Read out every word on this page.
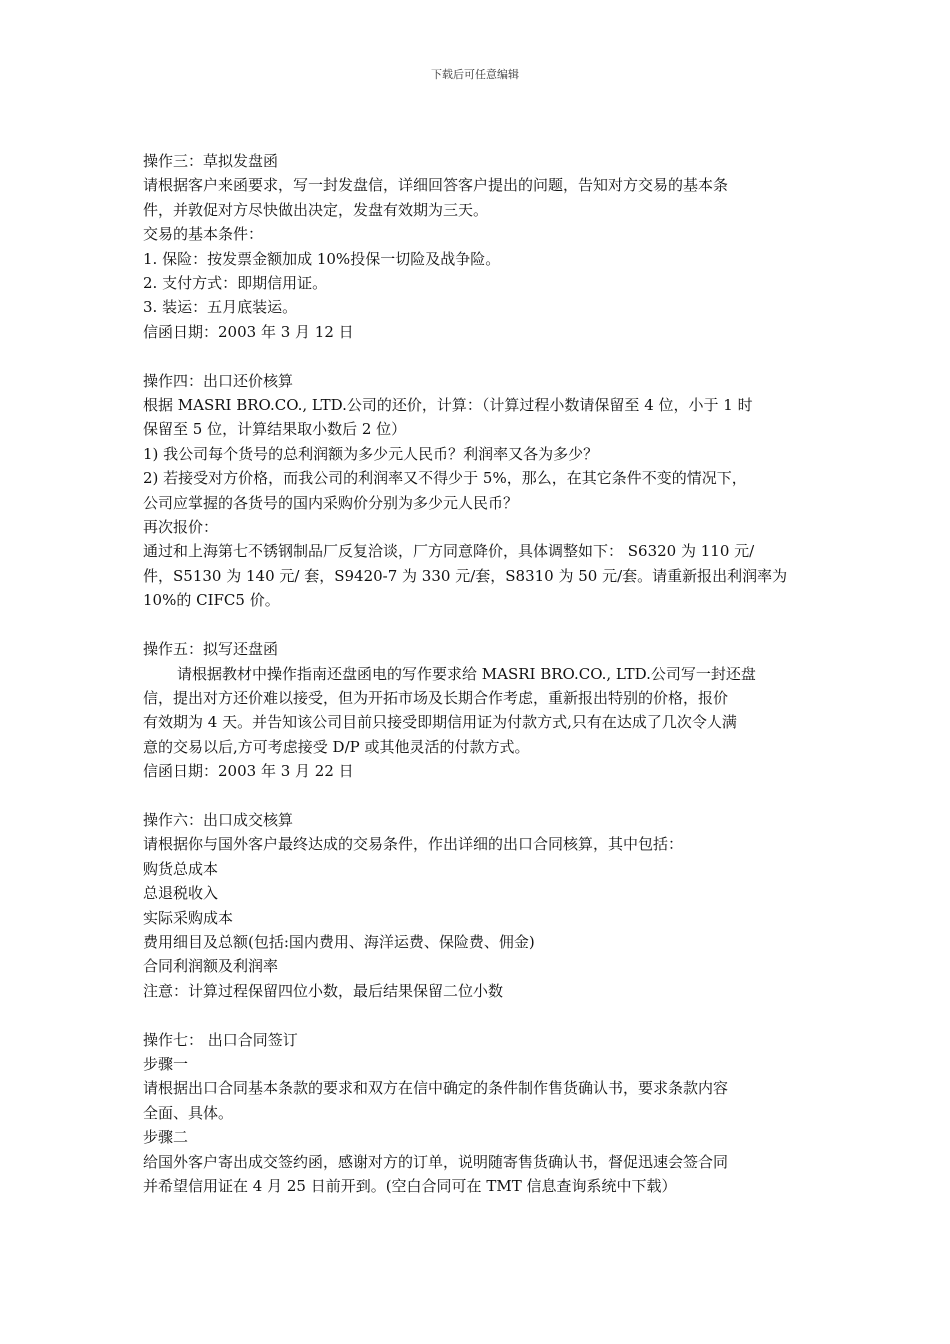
下载后可任意编辑
操作三：草拟发盘函
请根据客户来函要求，写一封发盘信，详细回答客户提出的问题，告知对方交易的基本条
件，并敦促对方尽快做出决定，发盘有效期为三天。
交易的基本条件：
1. 保险：按发票金额加成 10%投保一切险及战争险。
2. 支付方式：即期信用证。
3. 装运：五月底装运。
信函日期：2003 年 3 月 12 日
操作四：出口还价核算
根据 MASRI BRO.CO., LTD.公司的还价，计算：（计算过程小数请保留至 4 位，小于 1 时
保留至 5 位，计算结果取小数后 2 位）
1) 我公司每个货号的总利润额为多少元人民币？利润率又各为多少？
2) 若接受对方价格，而我公司的利润率又不得少于 5%，那么，在其它条件不变的情况下，
公司应掌握的各货号的国内采购价分别为多少元人民币？
再次报价：
通过和上海第七不锈钢制品厂反复洽谈，厂方同意降价，具体调整如下： S6320 为 110 元/
件，S5130 为 140 元/ 套，S9420-7 为 330 元/套，S8310 为 50 元/套。请重新报出利润率为
10%的 CIFC5 价。
操作五：拟写还盘函
请根据教材中操作指南还盘函电的写作要求给 MASRI BRO.CO., LTD.公司写一封还盘
信，提出对方还价难以接受，但为开拓市场及长期合作考虑，重新报出特别的价格，报价
有效期为 4 天。并告知该公司目前只接受即期信用证为付款方式,只有在达成了几次令人满
意的交易以后,方可考虑接受 D/P 或其他灵活的付款方式。
信函日期：2003 年 3 月 22 日
操作六：出口成交核算
请根据你与国外客户最终达成的交易条件，作出详细的出口合同核算，其中包括：
购货总成本
总退税收入
实际采购成本
费用细目及总额(包括:国内费用、海洋运费、保险费、佣金)
合同利润额及利润率
注意：计算过程保留四位小数，最后结果保留二位小数
操作七： 出口合同签订
步骤一
请根据出口合同基本条款的要求和双方在信中确定的条件制作售货确认书，要求条款内容
全面、具体。
步骤二
给国外客户寄出成交签约函，感谢对方的订单，说明随寄售货确认书，督促迅速会签合同
并希望信用证在 4 月 25 日前开到。(空白合同可在 TMT 信息查询系统中下载）
